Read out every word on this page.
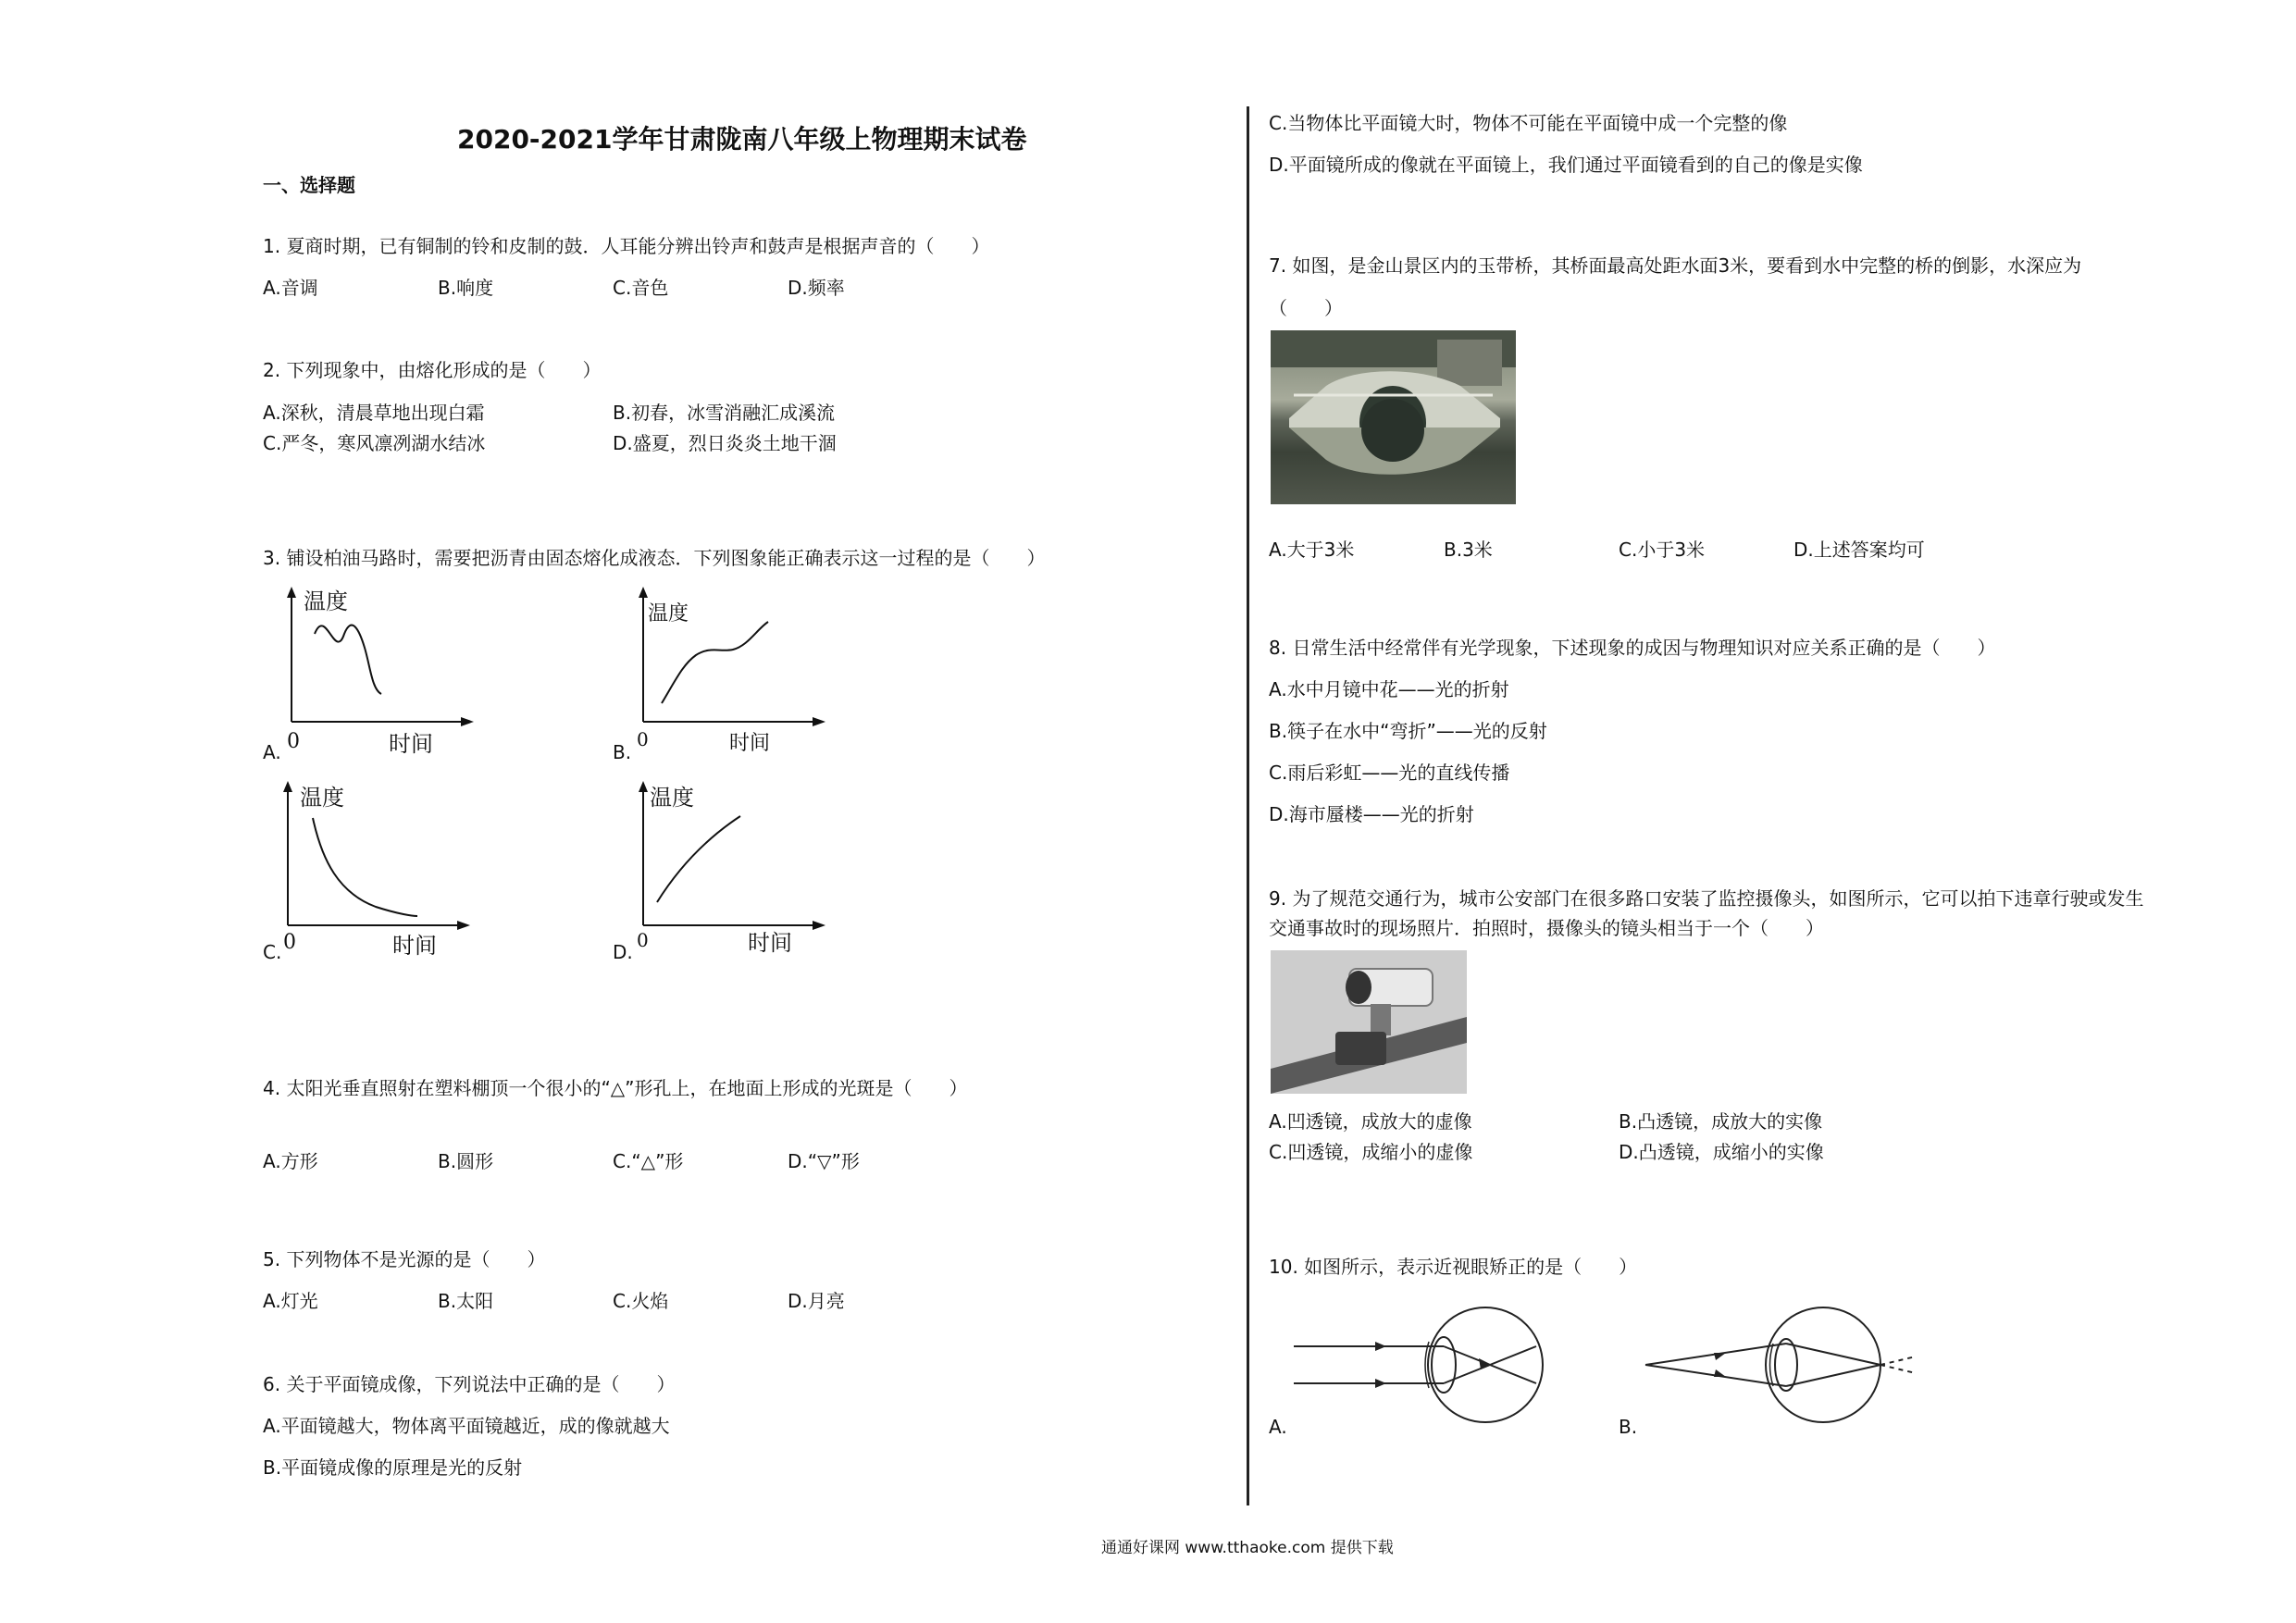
2020-2021学年甘肃陇南八年级上物理期末试卷
一、选择题
1. 夏商时期，已有铜制的铃和皮制的鼓．人耳能分辨出铃声和鼓声是根据声音的（　　）
A.音调	B.响度	C.音色	D.频率
2. 下列现象中，由熔化形成的是（　　）
A.深秋，清晨草地出现白霜	B.初春，冰雪消融汇成溪流
C.严冬，寒风凛冽湖水结冰	D.盛夏，烈日炎炎土地干涸
3. 铺设柏油马路时，需要把沥青由固态熔化成液态．下列图象能正确表示这一过程的是（　　）
温度
0	时间
A.
温度
0	时间
B.
温度
0	时间
C.
温度
0	时间
D.
4. 太阳光垂直照射在塑料棚顶一个很小的“△”形孔上，在地面上形成的光斑是（　　）
A.方形	B.圆形	C.“△”形	D.“▽”形
5. 下列物体不是光源的是（　　）
A.灯光	B.太阳	C.火焰	D.月亮
6. 关于平面镜成像，下列说法中正确的是（　　）
A.平面镜越大，物体离平面镜越近，成的像就越大
B.平面镜成像的原理是光的反射
C.当物体比平面镜大时，物体不可能在平面镜中成一个完整的像
D.平面镜所成的像就在平面镜上，我们通过平面镜看到的自己的像是实像
7. 如图，是金山景区内的玉带桥，其桥面最高处距水面3米，要看到水中完整的桥的倒影，水深应为
（　　）
A.大于3米	B.3米	C.小于3米	D.上述答案均可
8. 日常生活中经常伴有光学现象，下述现象的成因与物理知识对应关系正确的是（　　）
A.水中月镜中花——光的折射
B.筷子在水中“弯折”——光的反射
C.雨后彩虹——光的直线传播
D.海市蜃楼——光的折射
9. 为了规范交通行为，城市公安部门在很多路口安装了监控摄像头，如图所示，它可以拍下违章行驶或发生
交通事故时的现场照片．拍照时，摄像头的镜头相当于一个（　　）
A.凹透镜，成放大的虚像	B.凸透镜，成放大的实像
C.凹透镜，成缩小的虚像	D.凸透镜，成缩小的实像
10. 如图所示，表示近视眼矫正的是（　　）
A.	B.
通通好课网 www.tthaoke.com 提供下载
